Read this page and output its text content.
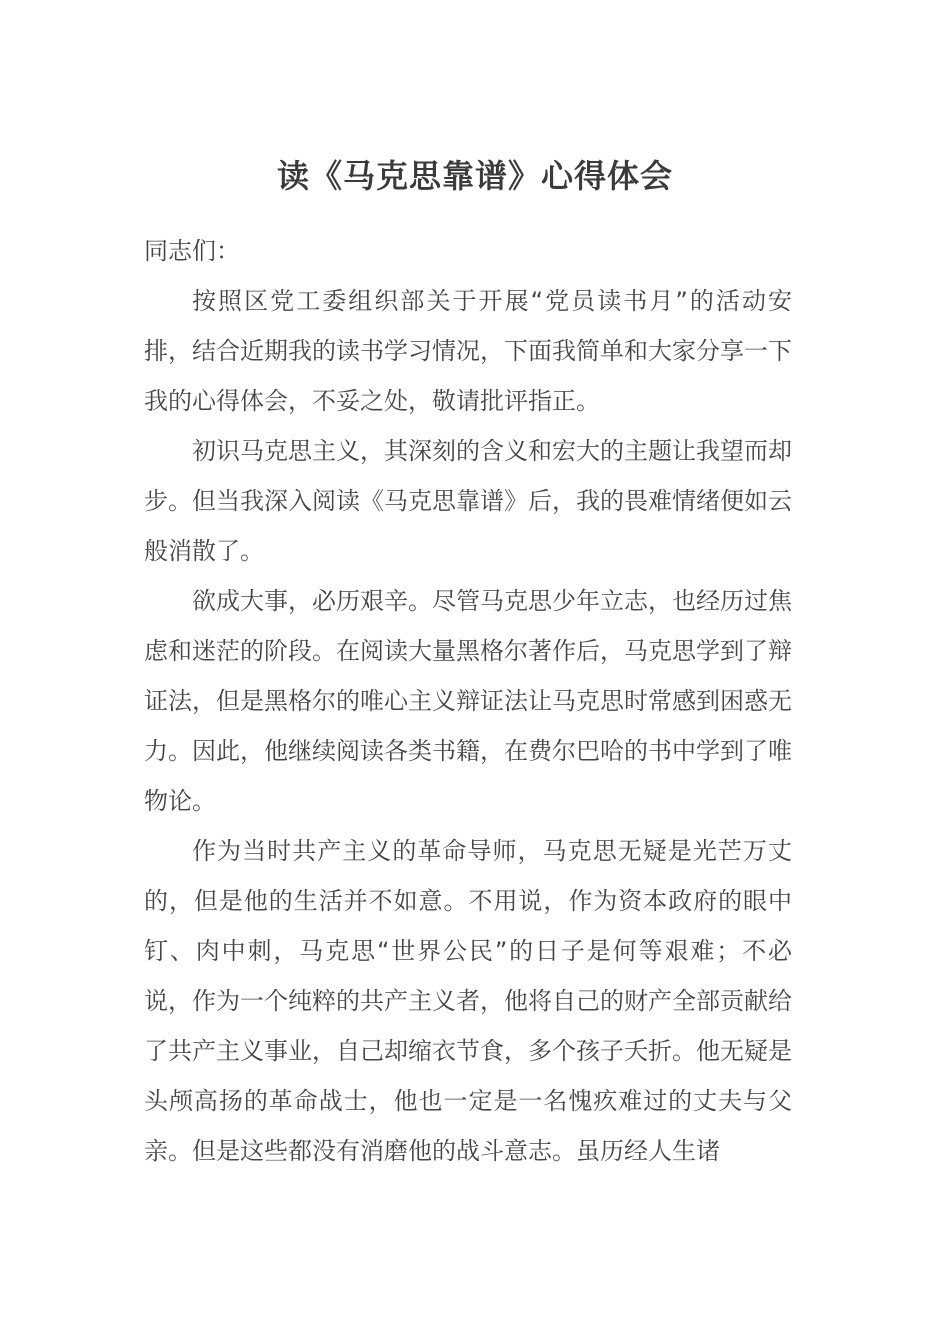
读《马克思靠谱》心得体会

同志们：

按照区党工委组织部关于开展“党员读书月”的活动安排，结合近期我的读书学习情况，下面我简单和大家分享一下我的心得体会，不妥之处，敬请批评指正。

初识马克思主义，其深刻的含义和宏大的主题让我望而却步。但当我深入阅读《马克思靠谱》后，我的畏难情绪便如云般消散了。

欲成大事，必历艰辛。尽管马克思少年立志，也经历过焦虑和迷茫的阶段。在阅读大量黑格尔著作后，马克思学到了辩证法，但是黑格尔的唯心主义辩证法让马克思时常感到困惑无力。因此，他继续阅读各类书籍，在费尔巴哈的书中学到了唯物论。

作为当时共产主义的革命导师，马克思无疑是光芒万丈的，但是他的生活并不如意。不用说，作为资本政府的眼中钉、肉中刺，马克思“世界公民”的日子是何等艰难；不必说，作为一个纯粹的共产主义者，他将自己的财产全部贡献给了共产主义事业，自己却缩衣节食，多个孩子夭折。他无疑是头颅高扬的革命战士，他也一定是一名愧疚难过的丈夫与父亲。但是这些都没有消磨他的战斗意志。虽历经人生诸
